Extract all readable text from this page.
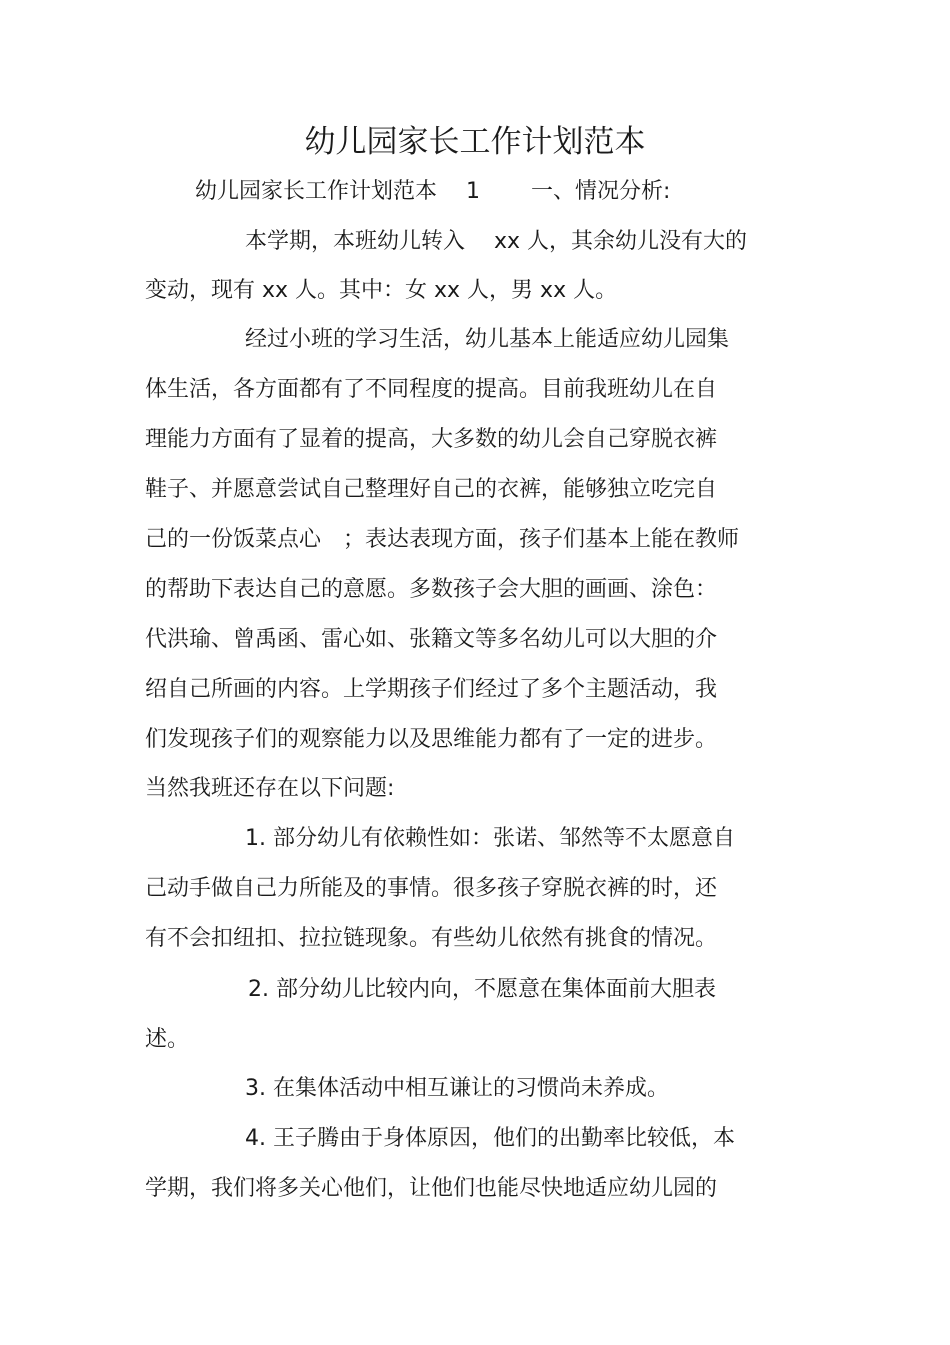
幼儿园家长工作计划范本
幼儿园家长工作计划范本　 1 　　一、情况分析:
本学期，本班幼儿转入　 xx 人，其余幼儿没有大的
变动，现有 xx 人。其中：女 xx 人，男 xx 人。
经过小班的学习生活，幼儿基本上能适应幼儿园集
体生活，各方面都有了不同程度的提高。目前我班幼儿在自
理能力方面有了显着的提高，大多数的幼儿会自己穿脱衣裤
鞋子、并愿意尝试自己整理好自己的衣裤，能够独立吃完自
己的一份饭菜点心　；表达表现方面，孩子们基本上能在教师
的帮助下表达自己的意愿。多数孩子会大胆的画画、涂色：
代洪瑜、曾禹函、雷心如、张籍文等多名幼儿可以大胆的介
绍自己所画的内容。上学期孩子们经过了多个主题活动，我
们发现孩子们的观察能力以及思维能力都有了一定的进步。
当然我班还存在以下问题:
1. 部分幼儿有依赖性如：张诺、邹然等不太愿意自
己动手做自己力所能及的事情。很多孩子穿脱衣裤的时，还
有不会扣纽扣、拉拉链现象。有些幼儿依然有挑食的情况。
2. 部分幼儿比较内向，不愿意在集体面前大胆表
述。
3. 在集体活动中相互谦让的习惯尚未养成。
4. 王子腾由于身体原因，他们的出勤率比较低，本
学期，我们将多关心他们，让他们也能尽快地适应幼儿园的
